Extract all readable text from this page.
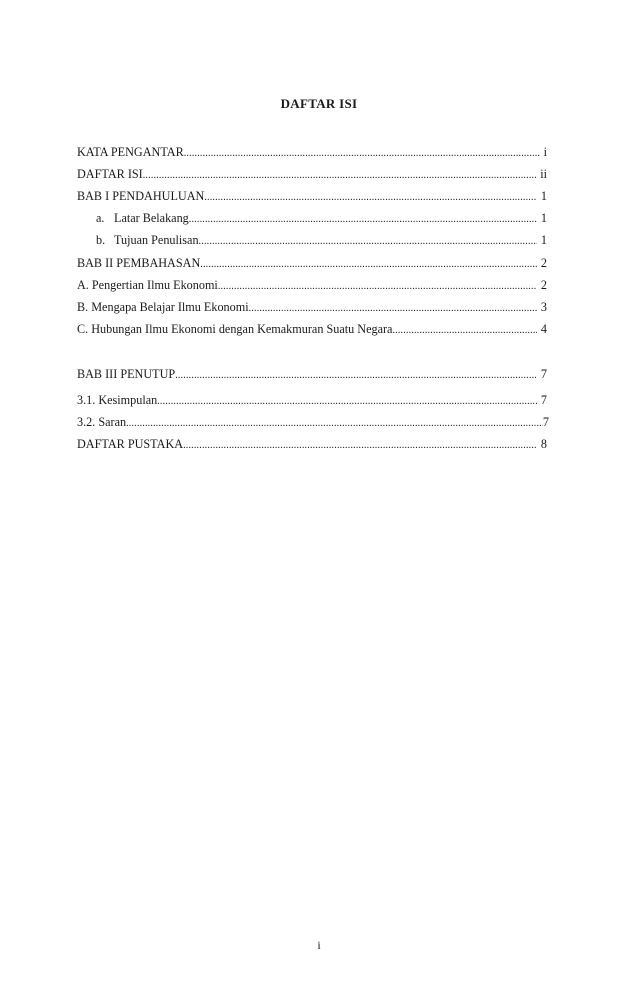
DAFTAR ISI
KATA PENGANTAR .....	i
DAFTAR ISI .....	ii
BAB I PENDAHULUAN .....	1
a. Latar Belakang .....	1
b. Tujuan Penulisan .....	1
BAB II PEMBAHASAN .....	2
A. Pengertian Ilmu Ekonomi .....	2
B. Mengapa Belajar Ilmu Ekonomi .....	3
C. Hubungan Ilmu Ekonomi dengan Kemakmuran Suatu Negara .....	4
BAB III PENUTUP .....	7
3.1. Kesimpulan .....	7
3.2. Saran .....	7
DAFTAR PUSTAKA .....	8
i
